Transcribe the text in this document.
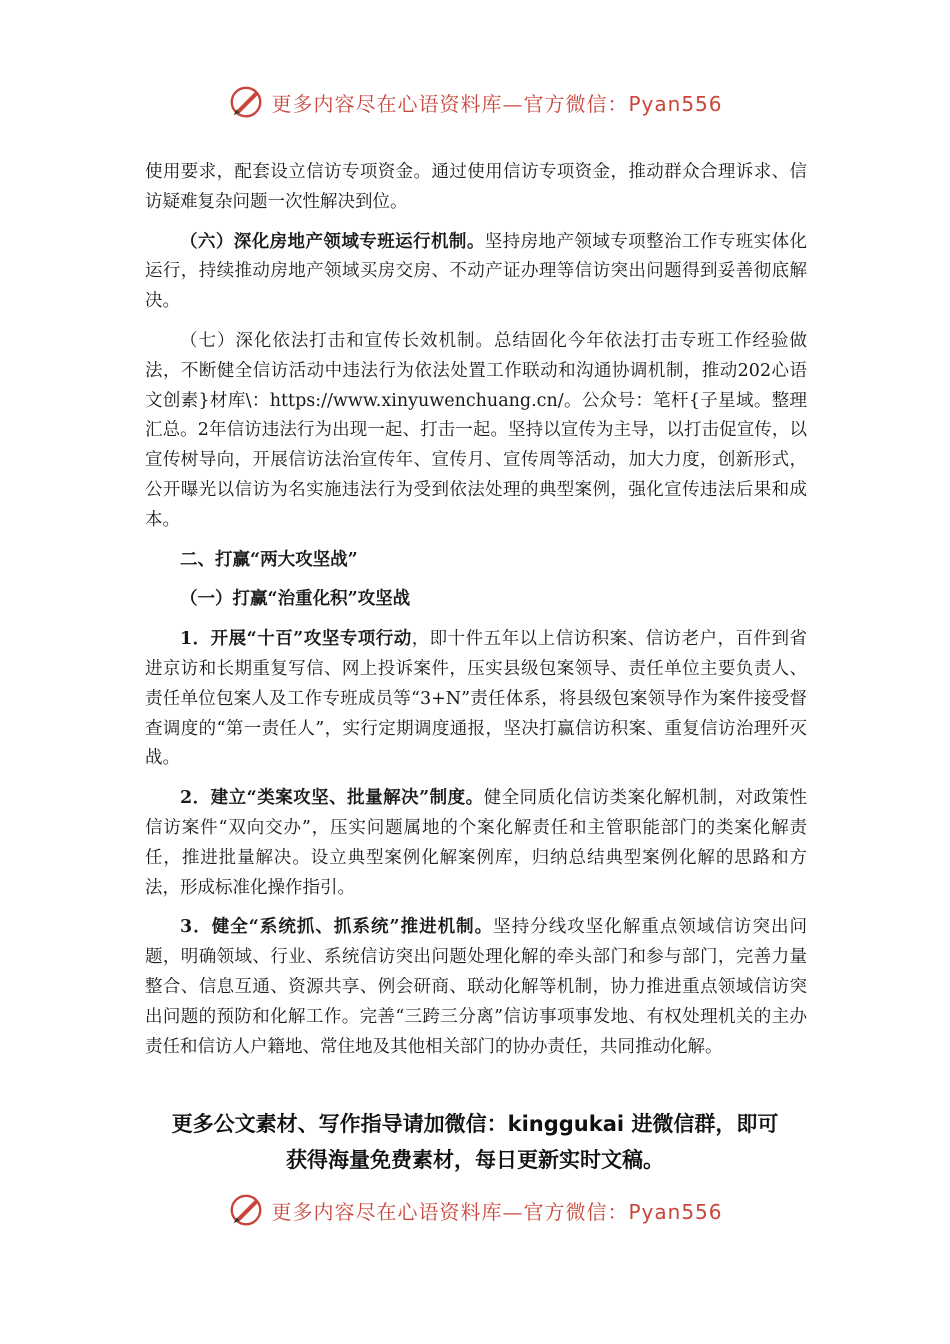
更多内容尽在心语资料库—官方微信：Pyan556

使用要求，配套设立信访专项资金。通过使用信访专项资金，推动群众合理诉求、信访疑难复杂问题一次性解决到位。

（六）深化房地产领域专班运行机制。坚持房地产领域专项整治工作专班实体化运行，持续推动房地产领域买房交房、不动产证办理等信访突出问题得到妥善彻底解决。

（七）深化依法打击和宣传长效机制。总结固化今年依法打击专班工作经验做法，不断健全信访活动中违法行为依法处置工作联动和沟通协调机制，推动202心语文创素}材库\：https://www.xinyuwenchuang.cn/。公众号：笔杆{子星域。整理汇总。2年信访违法行为出现一起、打击一起。坚持以宣传为主导，以打击促宣传，以宣传树导向，开展信访法治宣传年、宣传月、宣传周等活动，加大力度，创新形式，公开曝光以信访为名实施违法行为受到依法处理的典型案例，强化宣传违法后果和成本。

二、打赢“两大攻坚战”

（一）打赢“治重化积”攻坚战

1．开展“十百”攻坚专项行动，即十件五年以上信访积案、信访老户，百件到省进京访和长期重复写信、网上投诉案件，压实县级包案领导、责任单位主要负责人、责任单位包案人及工作专班成员等“3+N”责任体系，将县级包案领导作为案件接受督查调度的“第一责任人”，实行定期调度通报，坚决打赢信访积案、重复信访治理歼灭战。

2．建立“类案攻坚、批量解决”制度。健全同质化信访类案化解机制，对政策性信访案件“双向交办”，压实问题属地的个案化解责任和主管职能部门的类案化解责任，推进批量解决。设立典型案例化解案例库，归纳总结典型案例化解的思路和方法，形成标准化操作指引。

3．健全“系统抓、抓系统”推进机制。坚持分线攻坚化解重点领域信访突出问题，明确领域、行业、系统信访突出问题处理化解的牵头部门和参与部门，完善力量整合、信息互通、资源共享、例会研商、联动化解等机制，协力推进重点领域信访突出问题的预防和化解工作。完善“三跨三分离”信访事项事发地、有权处理机关的主办责任和信访人户籍地、常住地及其他相关部门的协办责任，共同推动化解。

更多公文素材、写作指导请加微信：kinggukai 进微信群，即可
获得海量免费素材，每日更新实时文稿。
更多内容尽在心语资料库—官方微信：Pyan556
